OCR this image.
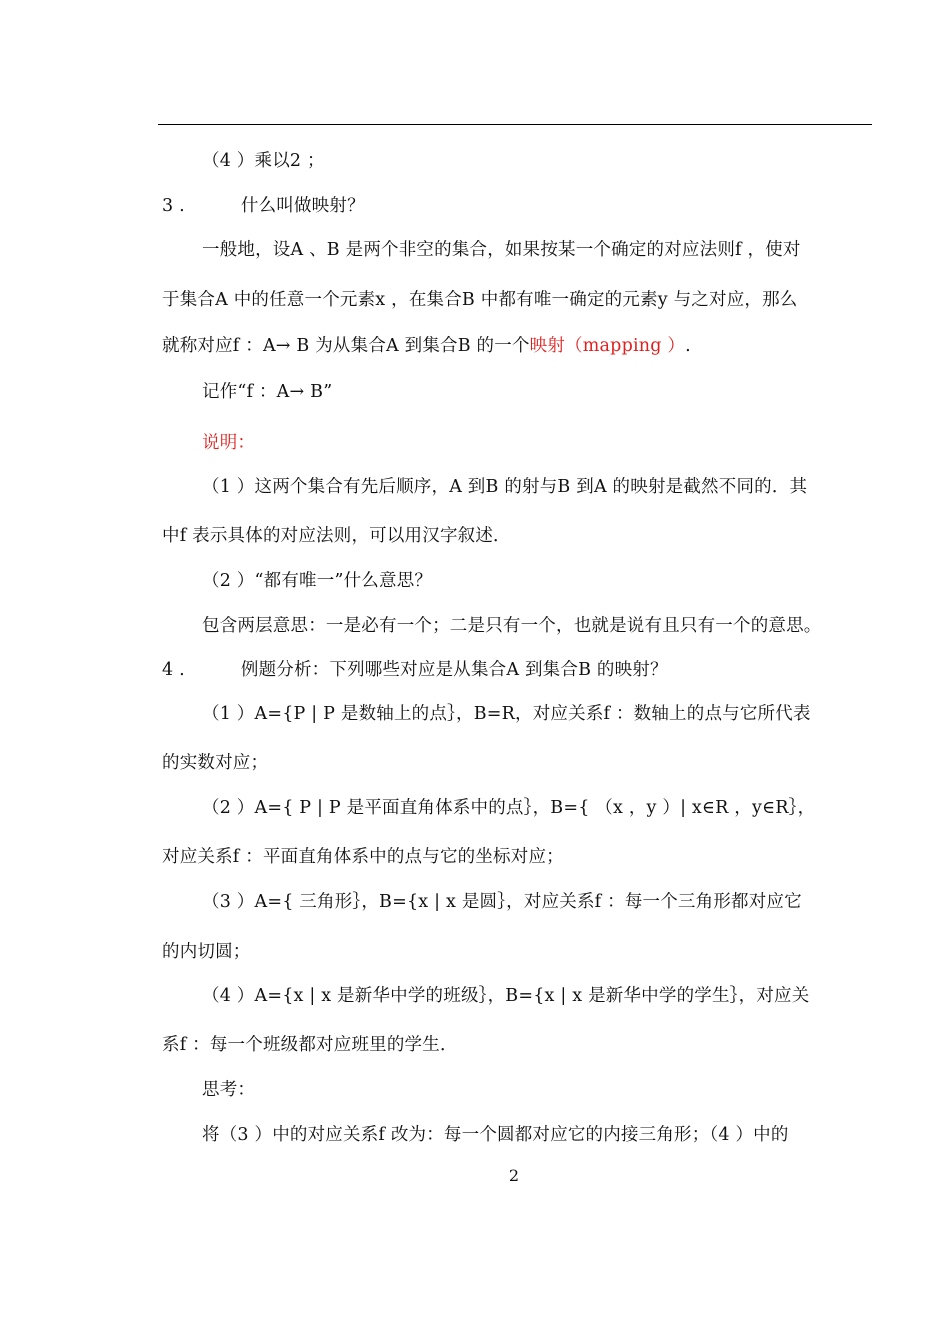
（4 ）乘以2 ；
3 .	什么叫做映射？
一般地，设A 、B 是两个非空的集合，如果按某一个确定的对应法则f ，使对
于集合A 中的任意一个元素x ，在集合B 中都有唯一确定的元素y 与之对应，那么
就称对应f ：A→ B 为从集合A 到集合B 的一个映射（mapping ）.
记作“f ：A→ B”
说明：
（1 ）这两个集合有先后顺序，A 到B 的射与B 到A 的映射是截然不同的．其
中f 表示具体的对应法则，可以用汉字叙述．
（2 ）“都有唯一”什么意思？
包含两层意思：一是必有一个；二是只有一个，也就是说有且只有一个的意思。
4 .	例题分析：下列哪些对应是从集合A 到集合B 的映射？
（1 ）A={P | P 是数轴上的点｝，B=R，对应关系f ：数轴上的点与它所代表
的实数对应；
（2 ）A={ P | P 是平面直角体系中的点｝，B={ （x ，y ）| x∈R ，y∈R｝，
对应关系f ：平面直角体系中的点与它的坐标对应；
（3 ）A={ 三角形｝，B={x | x 是圆｝，对应关系f ：每一个三角形都对应它
的内切圆；
（4 ）A={x | x 是新华中学的班级｝，B={x | x 是新华中学的学生｝，对应关
系f ：每一个班级都对应班里的学生．
思考：
将（3 ）中的对应关系f 改为：每一个圆都对应它的内接三角形；（4 ）中的
2
